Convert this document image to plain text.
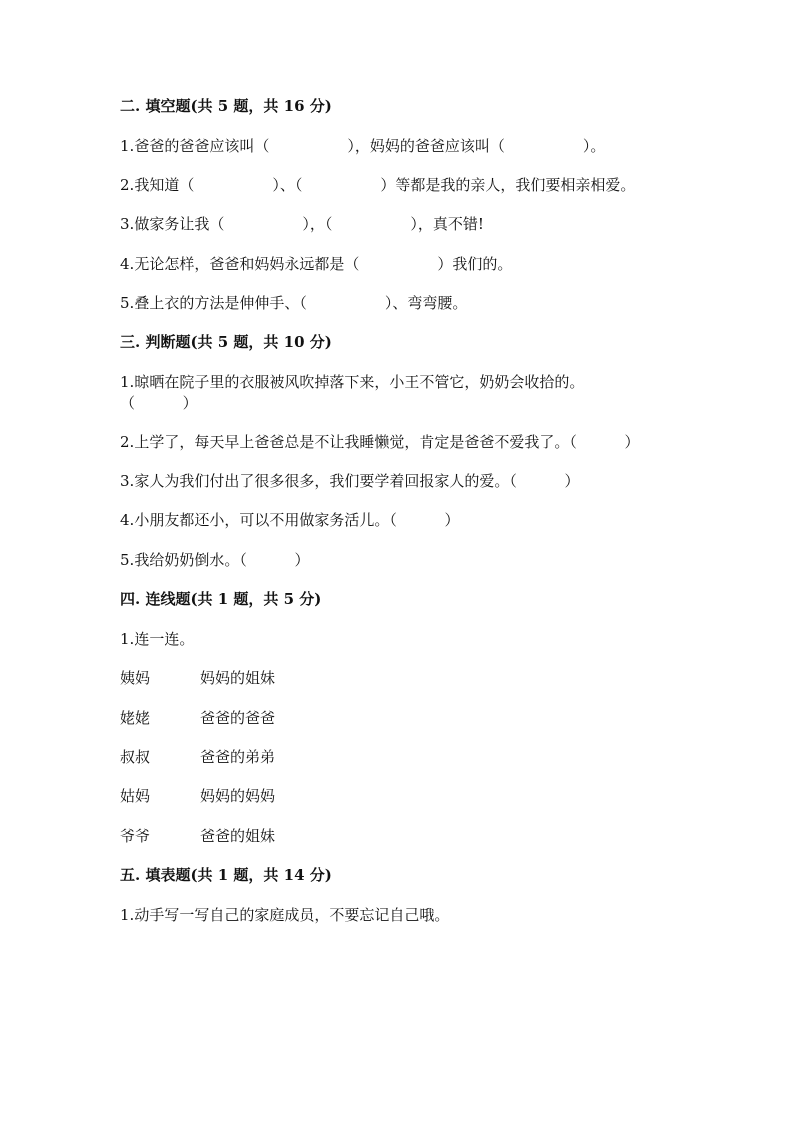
二. 填空题(共 5 题，共 16 分)
1.爸爸的爸爸应该叫（	），妈妈的爸爸应该叫（	）。
2.我知道（	）、（	）等都是我的亲人，我们要相亲相爱。
3.做家务让我（	），（	），真不错!
4.无论怎样，爸爸和妈妈永远都是（	）我们的。
5.叠上衣的方法是伸伸手、（	）、弯弯腰。
三. 判断题(共 5 题，共 10 分)
1.晾晒在院子里的衣服被风吹掉落下来，小王不管它，奶奶会收拾的。
（          ）
2.上学了，每天早上爸爸总是不让我睡懒觉，肯定是爸爸不爱我了。（          ）
3.家人为我们付出了很多很多，我们要学着回报家人的爱。（          ）
4.小朋友都还小，可以不用做家务活儿。（          ）
5.我给奶奶倒水。（          ）
四. 连线题(共 1 题，共 5 分)
1.连一连。
姨妈	妈妈的姐妹
姥姥	爸爸的爸爸
叔叔	爸爸的弟弟
姑妈	妈妈的妈妈
爷爷	爸爸的姐妹
五. 填表题(共 1 题，共 14 分)
1.动手写一写自己的家庭成员，不要忘记自己哦。
